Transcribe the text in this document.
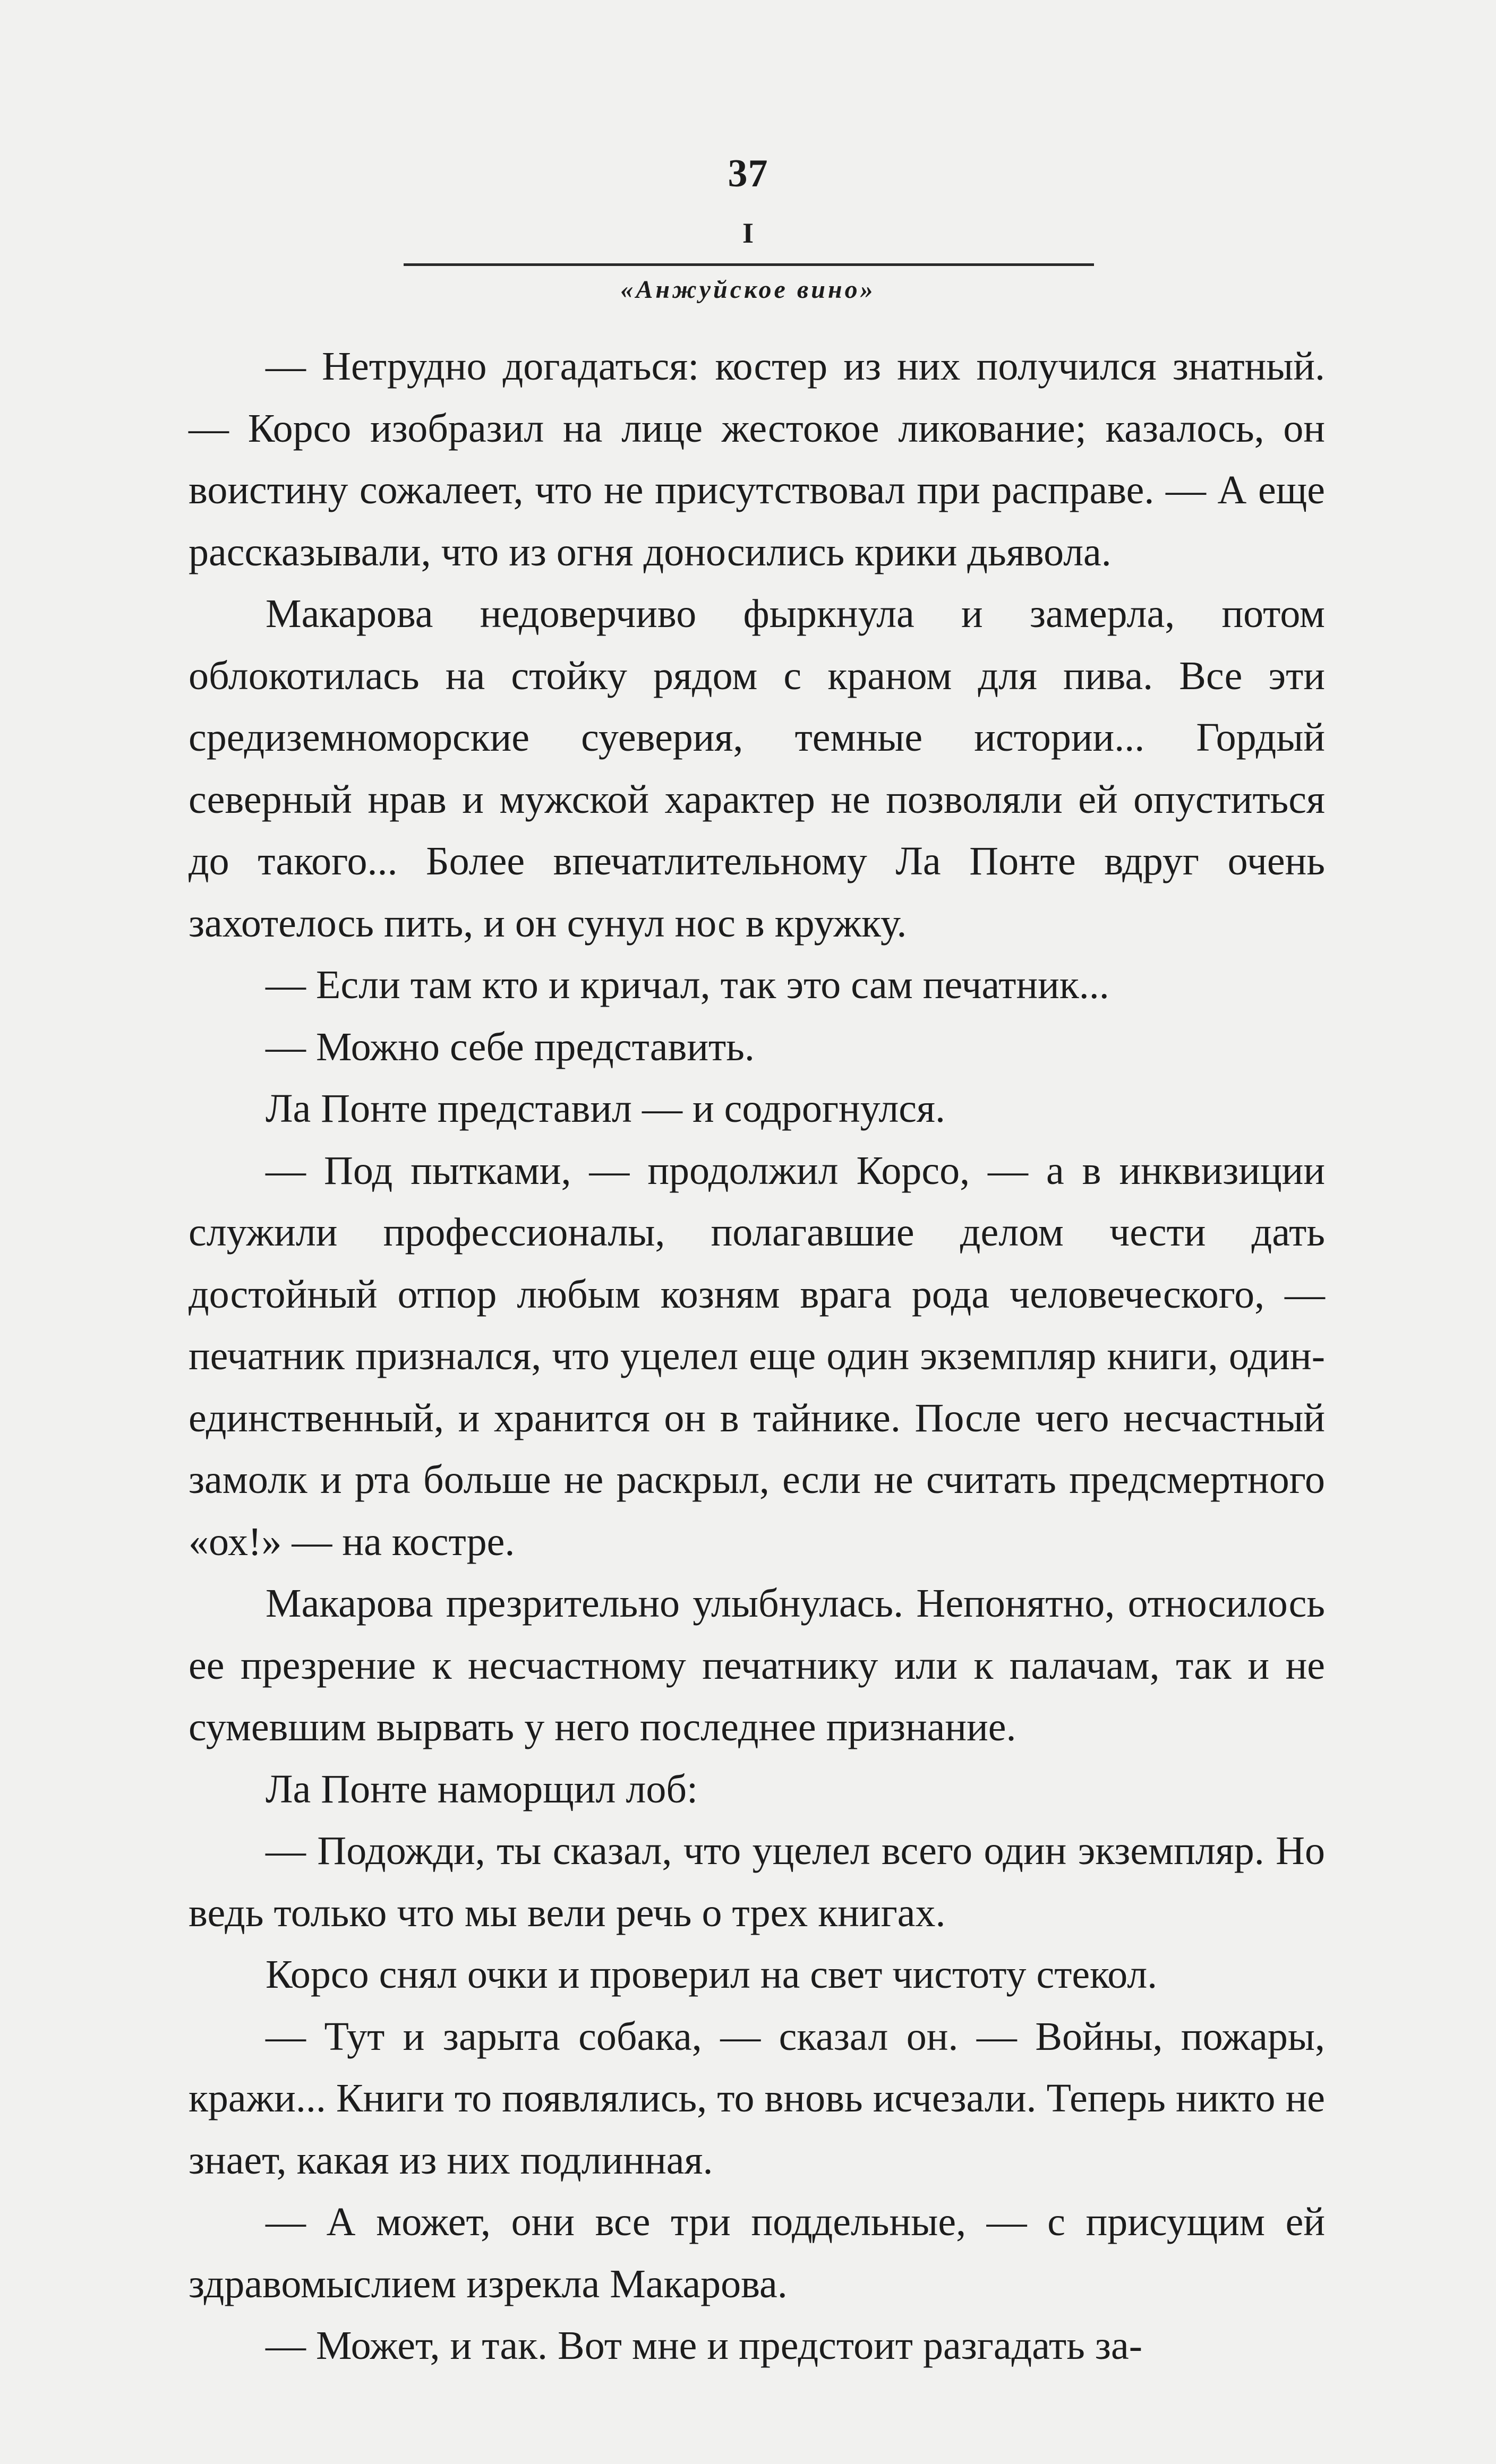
37
I
«Анжуйское вино»

— Нетрудно догадаться: костер из них получился знатный. — Корсо изобразил на лице жестокое ликование; казалось, он воистину сожалеет, что не присутствовал при расправе. — А еще рассказывали, что из огня доносились крики дьявола.

Макарова недоверчиво фыркнула и замерла, потом облокотилась на стойку рядом с краном для пива. Все эти средиземноморские суеверия, темные истории... Гордый северный нрав и мужской характер не позволяли ей опуститься до такого... Более впечатлительному Ла Понте вдруг очень захотелось пить, и он сунул нос в кружку.

— Если там кто и кричал, так это сам печатник...

— Можно себе представить.

Ла Понте представил — и содрогнулся.

— Под пытками, — продолжил Корсо, — а в инквизиции служили профессионалы, полагавшие делом чести дать достойный отпор любым козням врага рода человеческого, — печатник признался, что уцелел еще один экземпляр книги, один-единственный, и хранится он в тайнике. После чего несчастный замолк и рта больше не раскрыл, если не считать предсмертного «ох!» — на костре.

Макарова презрительно улыбнулась. Непонятно, относилось ее презрение к несчастному печатнику или к палачам, так и не сумевшим вырвать у него последнее признание.

Ла Понте наморщил лоб:

— Подожди, ты сказал, что уцелел всего один экземпляр. Но ведь только что мы вели речь о трех книгах.

Корсо снял очки и проверил на свет чистоту стекол.

— Тут и зарыта собака, — сказал он. — Войны, пожары, кражи... Книги то появлялись, то вновь исчезали. Теперь никто не знает, какая из них подлинная.

— А может, они все три поддельные, — с присущим ей здравомыслием изрекла Макарова.

— Может, и так. Вот мне и предстоит разгадать за-
